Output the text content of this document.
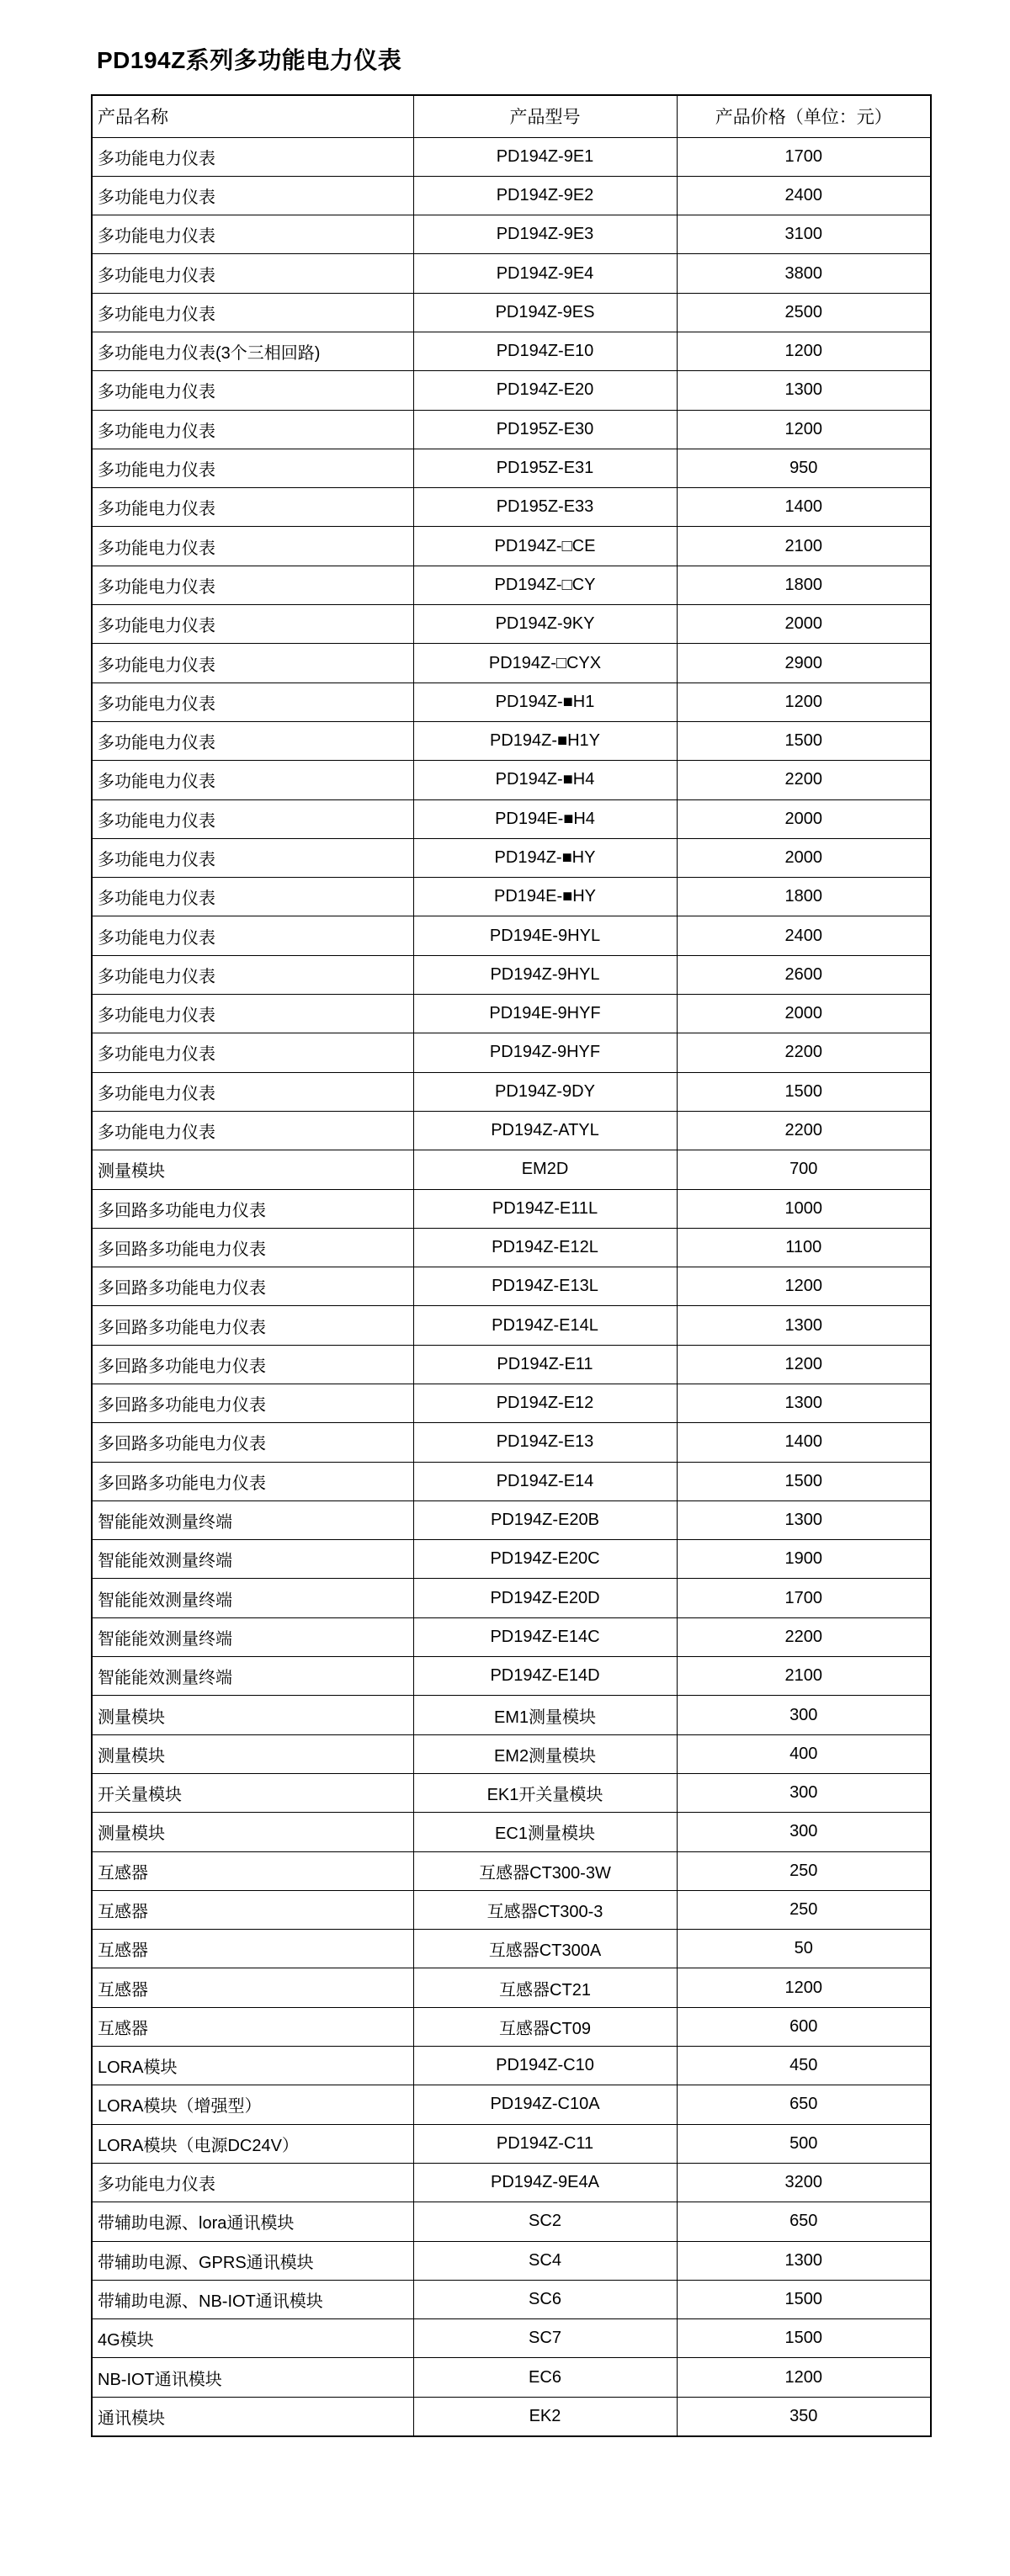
PD194Z系列多功能电力仪表
产品名称	产品型号	产品价格（单位：元）
多功能电力仪表	PD194Z-9E1	1700
多功能电力仪表	PD194Z-9E2	2400
多功能电力仪表	PD194Z-9E3	3100
多功能电力仪表	PD194Z-9E4	3800
多功能电力仪表	PD194Z-9ES	2500
多功能电力仪表(3个三相回路)	PD194Z-E10	1200
多功能电力仪表	PD194Z-E20	1300
多功能电力仪表	PD195Z-E30	1200
多功能电力仪表	PD195Z-E31	950
多功能电力仪表	PD195Z-E33	1400
多功能电力仪表	PD194Z-□CE	2100
多功能电力仪表	PD194Z-□CY	1800
多功能电力仪表	PD194Z-9KY	2000
多功能电力仪表	PD194Z-□CYX	2900
多功能电力仪表	PD194Z-■H1	1200
多功能电力仪表	PD194Z-■H1Y	1500
多功能电力仪表	PD194Z-■H4	2200
多功能电力仪表	PD194E-■H4	2000
多功能电力仪表	PD194Z-■HY	2000
多功能电力仪表	PD194E-■HY	1800
多功能电力仪表	PD194E-9HYL	2400
多功能电力仪表	PD194Z-9HYL	2600
多功能电力仪表	PD194E-9HYF	2000
多功能电力仪表	PD194Z-9HYF	2200
多功能电力仪表	PD194Z-9DY	1500
多功能电力仪表	PD194Z-ATYL	2200
测量模块	EM2D	700
多回路多功能电力仪表	PD194Z-E11L	1000
多回路多功能电力仪表	PD194Z-E12L	1100
多回路多功能电力仪表	PD194Z-E13L	1200
多回路多功能电力仪表	PD194Z-E14L	1300
多回路多功能电力仪表	PD194Z-E11	1200
多回路多功能电力仪表	PD194Z-E12	1300
多回路多功能电力仪表	PD194Z-E13	1400
多回路多功能电力仪表	PD194Z-E14	1500
智能能效测量终端	PD194Z-E20B	1300
智能能效测量终端	PD194Z-E20C	1900
智能能效测量终端	PD194Z-E20D	1700
智能能效测量终端	PD194Z-E14C	2200
智能能效测量终端	PD194Z-E14D	2100
测量模块	EM1测量模块	300
测量模块	EM2测量模块	400
开关量模块	EK1开关量模块	300
测量模块	EC1测量模块	300
互感器	互感器CT300-3W	250
互感器	互感器CT300-3	250
互感器	互感器CT300A	50
互感器	互感器CT21	1200
互感器	互感器CT09	600
LORA模块	PD194Z-C10	450
LORA模块（增强型）	PD194Z-C10A	650
LORA模块（电源DC24V）	PD194Z-C11	500
多功能电力仪表	PD194Z-9E4A	3200
带辅助电源、lora通讯模块	SC2	650
带辅助电源、GPRS通讯模块	SC4	1300
带辅助电源、NB-IOT通讯模块	SC6	1500
4G模块	SC7	1500
NB-IOT通讯模块	EC6	1200
通讯模块	EK2	350
